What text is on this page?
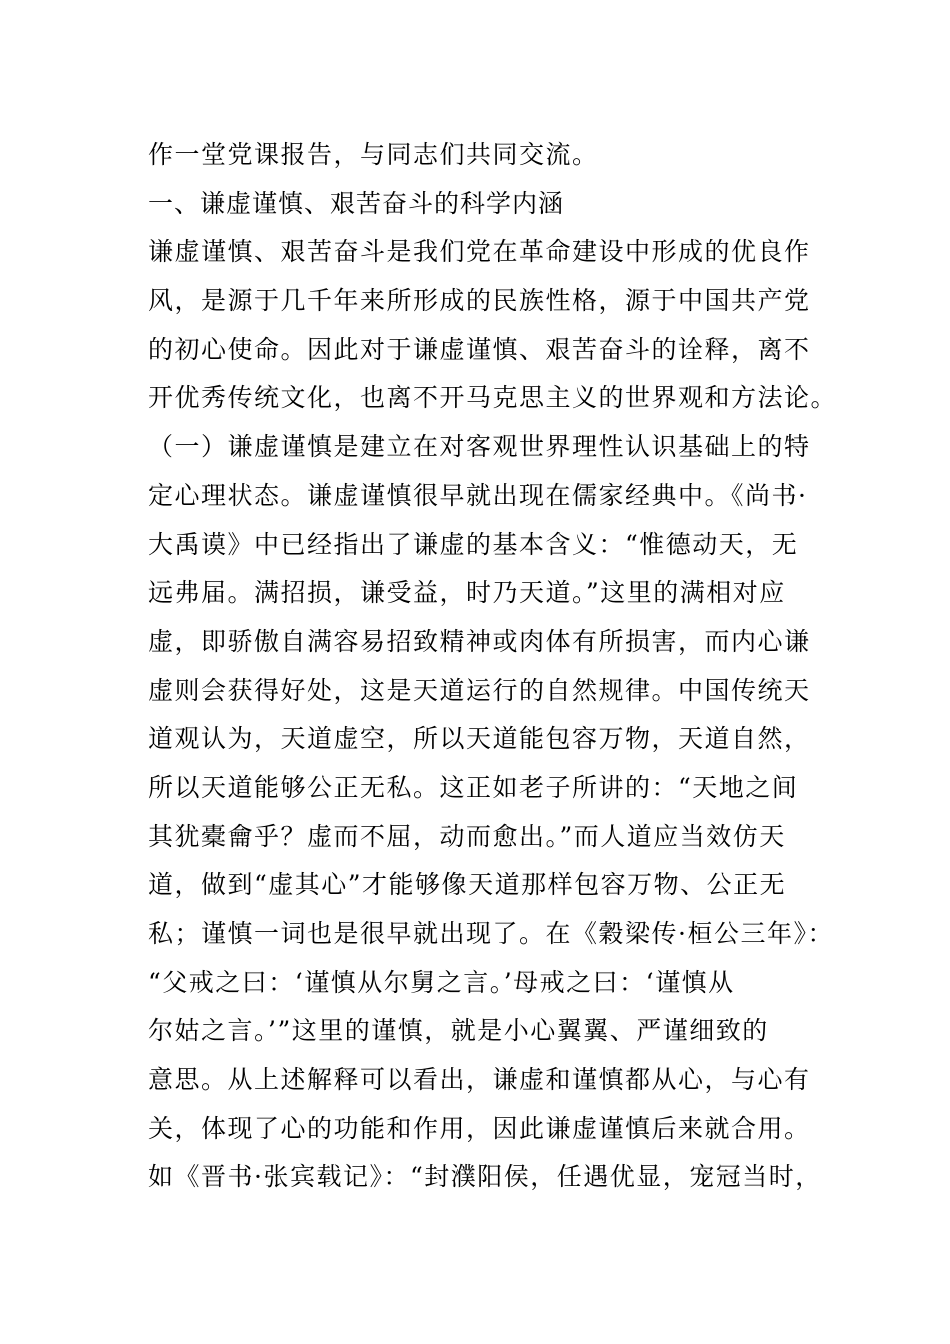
作一堂党课报告，与同志们共同交流。
一、谦虚谨慎、艰苦奋斗的科学内涵
谦虚谨慎、艰苦奋斗是我们党在革命建设中形成的优良作
风，是源于几千年来所形成的民族性格，源于中国共产党
的初心使命。因此对于谦虚谨慎、艰苦奋斗的诠释，离不
开优秀传统文化，也离不开马克思主义的世界观和方法论。
（一）谦虚谨慎是建立在对客观世界理性认识基础上的特
定心理状态。谦虚谨慎很早就出现在儒家经典中。《尚书·
大禹谟》中已经指出了谦虚的基本含义：“惟德动天，无
远弗届。满招损，谦受益，时乃天道。”这里的满相对应
虚，即骄傲自满容易招致精神或肉体有所损害，而内心谦
虚则会获得好处，这是天道运行的自然规律。中国传统天
道观认为，天道虚空，所以天道能包容万物，天道自然，
所以天道能够公正无私。这正如老子所讲的：“天地之间
其犹橐龠乎？虚而不屈，动而愈出。”而人道应当效仿天
道，做到“虚其心”才能够像天道那样包容万物、公正无
私；谨慎一词也是很早就出现了。在《穀梁传·桓公三年》：
“父戒之曰：‘谨慎从尔舅之言。’母戒之曰：‘谨慎从
尔姑之言。’”这里的谨慎，就是小心翼翼、严谨细致的
意思。从上述解释可以看出，谦虚和谨慎都从心，与心有
关，体现了心的功能和作用，因此谦虚谨慎后来就合用。
如《晋书·张宾载记》：“封濮阳侯，任遇优显，宠冠当时，
